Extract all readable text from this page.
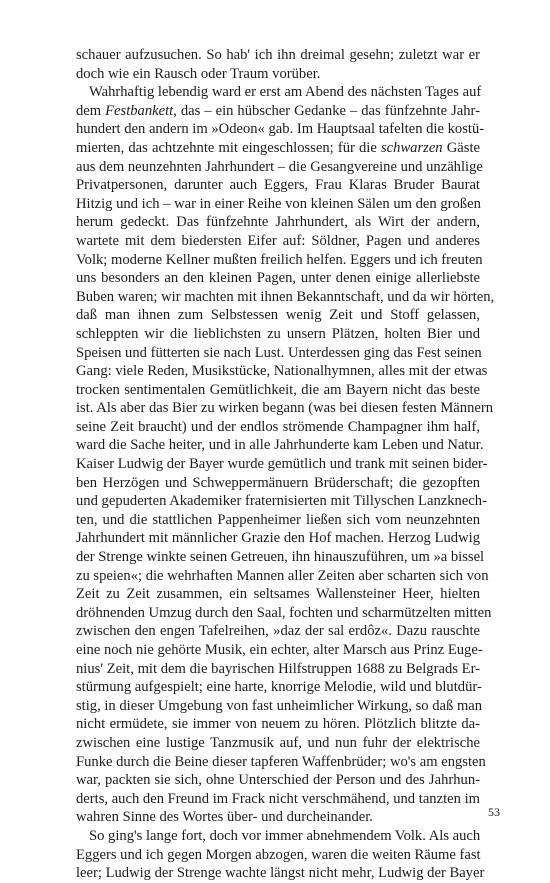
schauer aufzusuchen. So hab' ich ihn dreimal gesehn; zuletzt war er
doch wie ein Rausch oder Traum vorüber.
Wahrhaftig lebendig ward er erst am Abend des nächsten Tages auf
dem Festbankett, das – ein hübscher Gedanke – das fünfzehnte Jahr-
hundert den andern im »Odeon« gab. Im Hauptsaal tafelten die kostü-
mierten, das achtzehnte mit eingeschlossen; für die schwarzen Gäste
aus dem neunzehnten Jahrhundert – die Gesangvereine und unzählige
Privatpersonen, darunter auch Eggers, Frau Klaras Bruder Baurat
Hitzig und ich – war in einer Reihe von kleinen Sälen um den großen
herum gedeckt. Das fünfzehnte Jahrhundert, als Wirt der andern,
wartete mit dem biedersten Eifer auf: Söldner, Pagen und anderes
Volk; moderne Kellner mußten freilich helfen. Eggers und ich freuten
uns besonders an den kleinen Pagen, unter denen einige allerliebste
Buben waren; wir machten mit ihnen Bekanntschaft, und da wir hörten,
daß man ihnen zum Selbstessen wenig Zeit und Stoff gelassen,
schleppten wir die lieblichsten zu unsern Plätzen, holten Bier und
Speisen und fütterten sie nach Lust. Unterdessen ging das Fest seinen
Gang: viele Reden, Musikstücke, Nationalhymnen, alles mit der etwas
trocken sentimentalen Gemütlichkeit, die am Bayern nicht das beste
ist. Als aber das Bier zu wirken begann (was bei diesen festen Männern
seine Zeit braucht) und der endlos strömende Champagner ihm half,
ward die Sache heiter, und in alle Jahrhunderte kam Leben und Natur.
Kaiser Ludwig der Bayer wurde gemütlich und trank mit seinen bider-
ben Herzögen und Schweppermänuern Brüderschaft; die gezopften
und gepuderten Akademiker fraternisierten mit Tillyschen Lanzknech-
ten, und die stattlichen Pappenheimer ließen sich vom neunzehnten
Jahrhundert mit männlicher Grazie den Hof machen. Herzog Ludwig
der Strenge winkte seinen Getreuen, ihn hinauszuführen, um »a bissel
zu speien«; die wehrhaften Mannen aller Zeiten aber scharten sich von
Zeit zu Zeit zusammen, ein seltsames Wallensteiner Heer, hielten
dröhnenden Umzug durch den Saal, fochten und scharmützelten mitten
zwischen den engen Tafelreihen, »daz der sal erdôz«. Dazu rauschte
eine noch nie gehörte Musik, ein echter, alter Marsch aus Prinz Euge-
nius' Zeit, mit dem die bayrischen Hilfstruppen 1688 zu Belgrads Er-
stürmung aufgespielt; eine harte, knorrige Melodie, wild und blutdür-
stig, in dieser Umgebung von fast unheimlicher Wirkung, so daß man
nicht ermüdete, sie immer von neuem zu hören. Plötzlich blitzte da-
zwischen eine lustige Tanzmusik auf, und nun fuhr der elektrische
Funke durch die Beine dieser tapferen Waffenbrüder; wo's am engsten
war, packten sie sich, ohne Unterschied der Person und des Jahrhun-
derts, auch den Freund im Frack nicht verschmähend, und tanzten im
wahren Sinne des Wortes über- und durcheinander.
So ging's lange fort, doch vor immer abnehmendem Volk. Als auch
Eggers und ich gegen Morgen abzogen, waren die weiten Räume fast
leer; Ludwig der Strenge wachte längst nicht mehr, Ludwig der Bayer
53
